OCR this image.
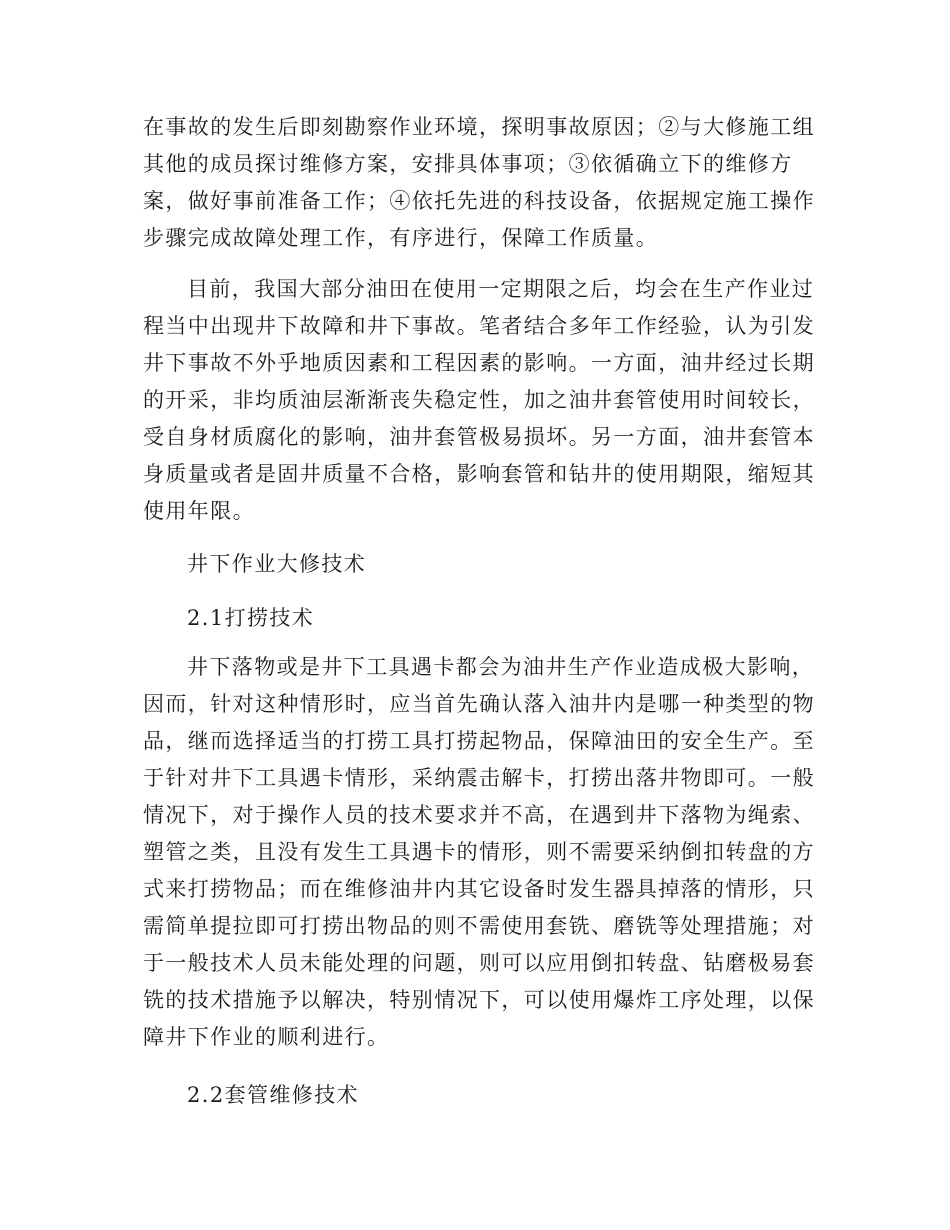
在事故的发生后即刻勘察作业环境，探明事故原因；②与大修施工组
其他的成员探讨维修方案，安排具体事项；③依循确立下的维修方
案，做好事前准备工作；④依托先进的科技设备，依据规定施工操作
步骤完成故障处理工作，有序进行，保障工作质量。
目前，我国大部分油田在使用一定期限之后，均会在生产作业过
程当中出现井下故障和井下事故。笔者结合多年工作经验，认为引发
井下事故不外乎地质因素和工程因素的影响。一方面，油井经过长期
的开采，非均质油层渐渐丧失稳定性，加之油井套管使用时间较长，
受自身材质腐化的影响，油井套管极易损坏。另一方面，油井套管本
身质量或者是固井质量不合格，影响套管和钻井的使用期限，缩短其
使用年限。
井下作业大修技术
2.1打捞技术
井下落物或是井下工具遇卡都会为油井生产作业造成极大影响，
因而，针对这种情形时，应当首先确认落入油井内是哪一种类型的物
品，继而选择适当的打捞工具打捞起物品，保障油田的安全生产。至
于针对井下工具遇卡情形，采纳震击解卡，打捞出落井物即可。一般
情况下，对于操作人员的技术要求并不高，在遇到井下落物为绳索、
塑管之类，且没有发生工具遇卡的情形，则不需要采纳倒扣转盘的方
式来打捞物品；而在维修油井内其它设备时发生器具掉落的情形，只
需简单提拉即可打捞出物品的则不需使用套铣、磨铣等处理措施；对
于一般技术人员未能处理的问题，则可以应用倒扣转盘、钻磨极易套
铣的技术措施予以解决，特别情况下，可以使用爆炸工序处理，以保
障井下作业的顺利进行。
2.2套管维修技术
